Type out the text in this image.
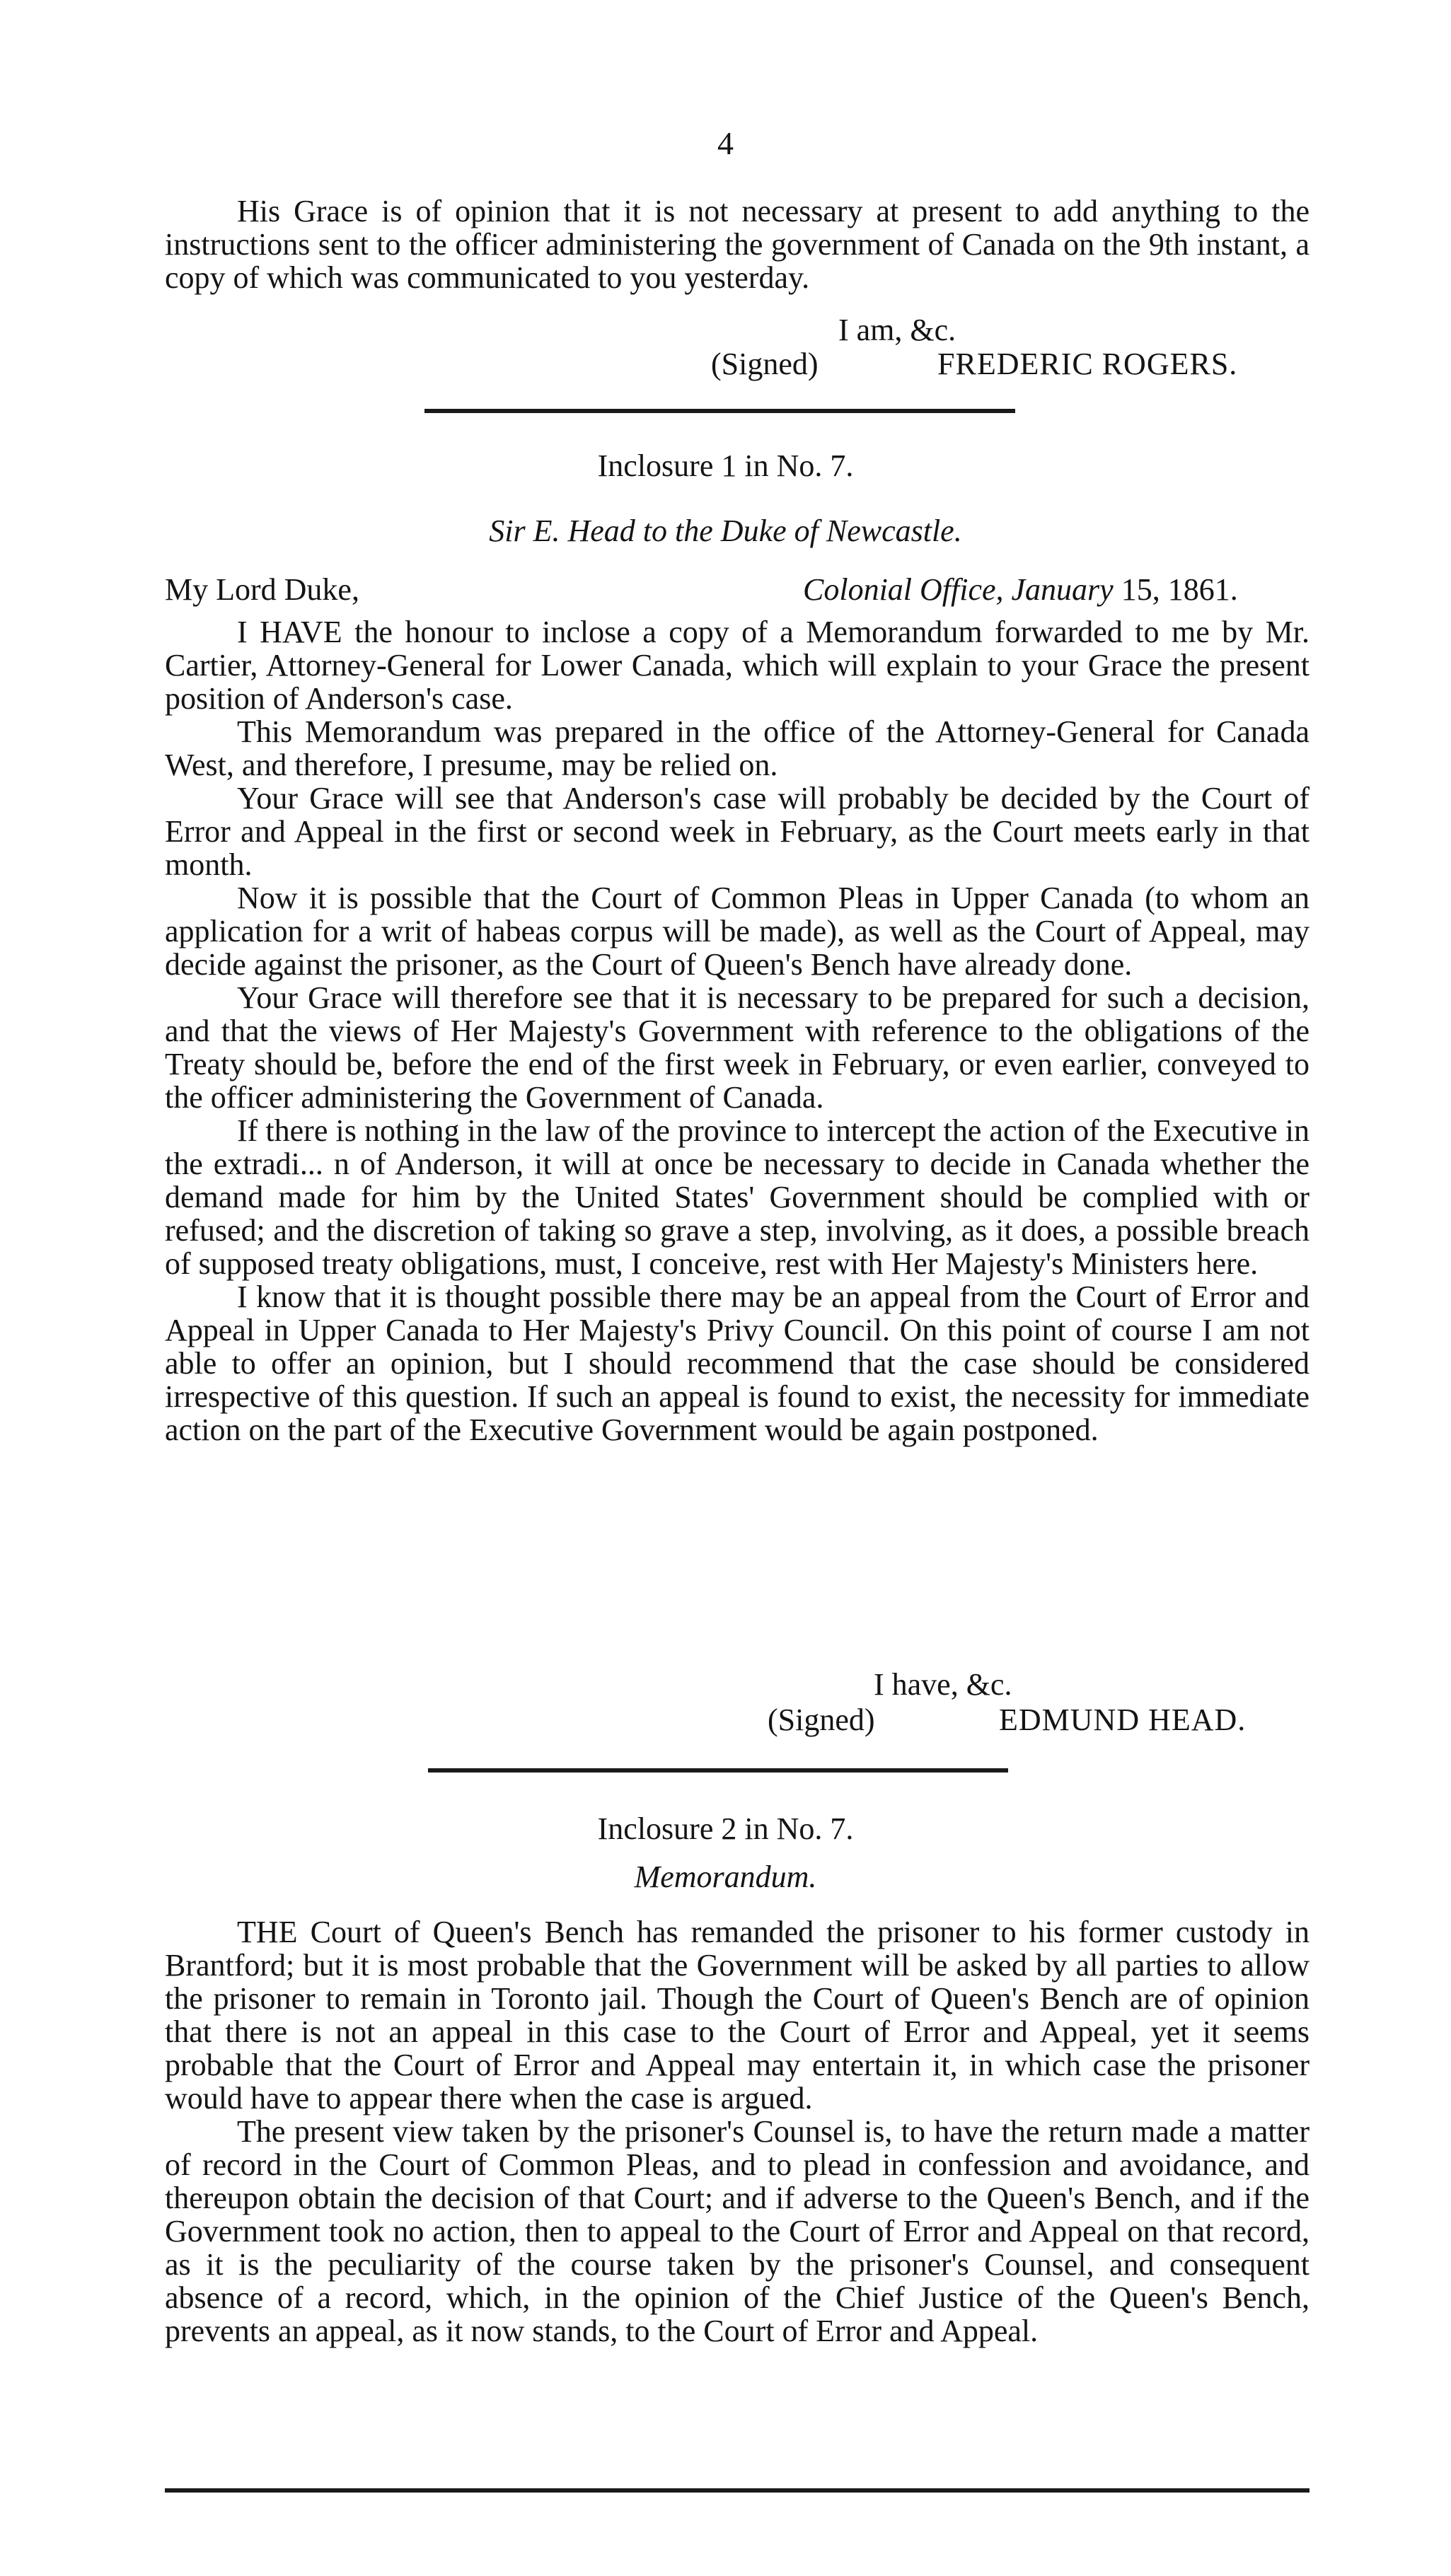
4

His Grace is of opinion that it is not necessary at present to add anything to the instructions sent to the officer administering the government of Canada on the 9th instant, a copy of which was communicated to you yesterday.

I am, &c.
(Signed)	FREDERIC ROGERS.
Inclosure 1 in No. 7.
Sir E. Head to the Duke of Newcastle.
My Lord Duke,	Colonial Office, January 15, 1861.

I HAVE the honour to inclose a copy of a Memorandum forwarded to me by Mr. Cartier, Attorney-General for Lower Canada, which will explain to your Grace the present position of Anderson's case.

This Memorandum was prepared in the office of the Attorney-General for Canada West, and therefore, I presume, may be relied on.

Your Grace will see that Anderson's case will probably be decided by the Court of Error and Appeal in the first or second week in February, as the Court meets early in that month.

Now it is possible that the Court of Common Pleas in Upper Canada (to whom an application for a writ of habeas corpus will be made), as well as the Court of Appeal, may decide against the prisoner, as the Court of Queen's Bench have already done.

Your Grace will therefore see that it is necessary to be prepared for such a decision, and that the views of Her Majesty's Government with reference to the obligations of the Treaty should be, before the end of the first week in February, or even earlier, conveyed to the officer administering the Government of Canada.

If there is nothing in the law of the province to intercept the action of the Executive in the extradi... n of Anderson, it will at once be necessary to decide in Canada whether the demand made for him by the United States' Government should be complied with or refused; and the discretion of taking so grave a step, involving, as it does, a possible breach of supposed treaty obligations, must, I conceive, rest with Her Majesty's Ministers here.

I know that it is thought possible there may be an appeal from the Court of Error and Appeal in Upper Canada to Her Majesty's Privy Council. On this point of course I am not able to offer an opinion, but I should recommend that the case should be considered irrespective of this question. If such an appeal is found to exist, the necessity for immediate action on the part of the Executive Government would be again postponed.

I have, &c.
(Signed)	EDMUND HEAD.
Inclosure 2 in No. 7.
Memorandum.

THE Court of Queen's Bench has remanded the prisoner to his former custody in Brantford; but it is most probable that the Government will be asked by all parties to allow the prisoner to remain in Toronto jail. Though the Court of Queen's Bench are of opinion that there is not an appeal in this case to the Court of Error and Appeal, yet it seems probable that the Court of Error and Appeal may entertain it, in which case the prisoner would have to appear there when the case is argued.

The present view taken by the prisoner's Counsel is, to have the return made a matter of record in the Court of Common Pleas, and to plead in confession and avoidance, and thereupon obtain the decision of that Court; and if adverse to the Queen's Bench, and if the Government took no action, then to appeal to the Court of Error and Appeal on that record, as it is the peculiarity of the course taken by the prisoner's Counsel, and consequent absence of a record, which, in the opinion of the Chief Justice of the Queen's Bench, prevents an appeal, as it now stands, to the Court of Error and Appeal.
